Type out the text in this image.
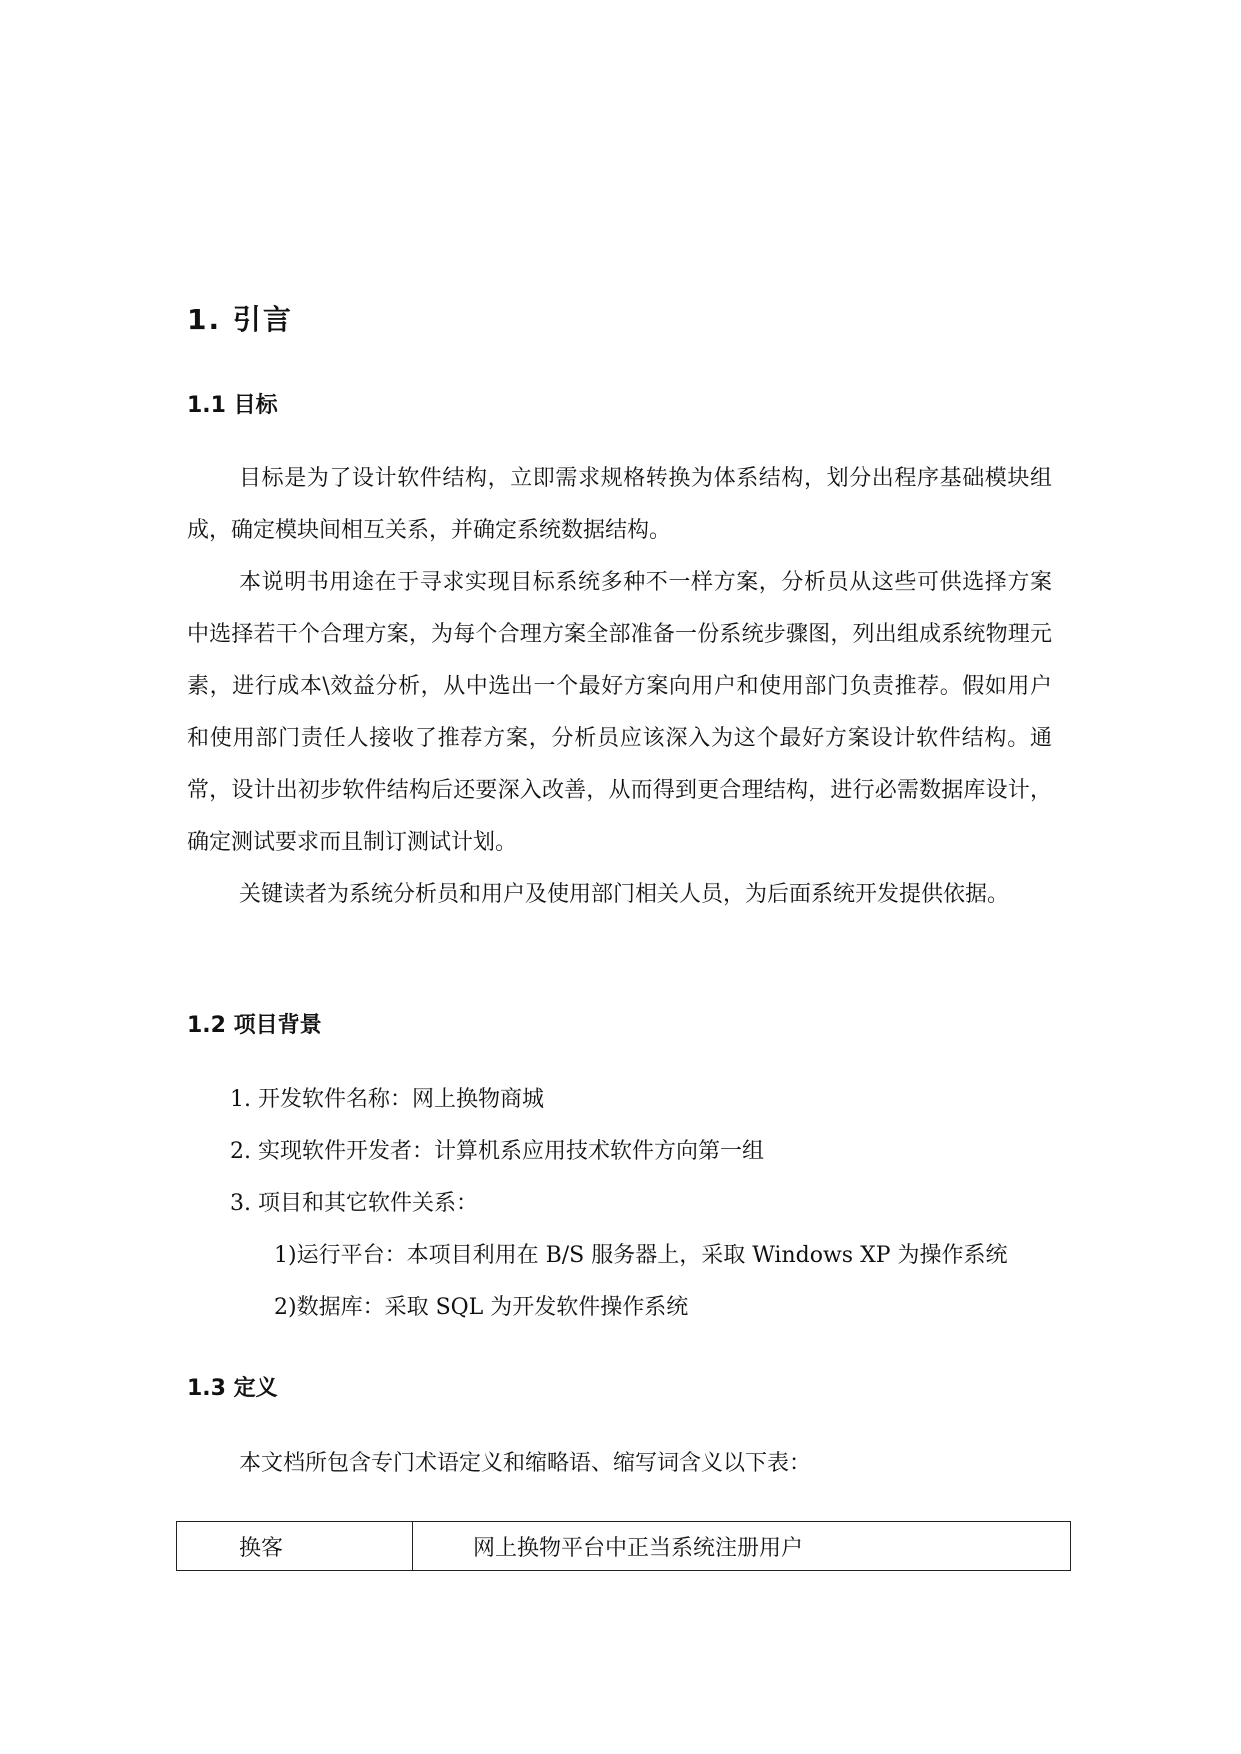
1. 引言
1.1 目标

目标是为了设计软件结构，立即需求规格转换为体系结构，划分出程序基础模块组成，确定模块间相互关系，并确定系统数据结构。

本说明书用途在于寻求实现目标系统多种不一样方案，分析员从这些可供选择方案中选择若干个合理方案，为每个合理方案全部准备一份系统步骤图，列出组成系统物理元素，进行成本\效益分析，从中选出一个最好方案向用户和使用部门负责推荐。假如用户和使用部门责任人接收了推荐方案，分析员应该深入为这个最好方案设计软件结构。通常，设计出初步软件结构后还要深入改善，从而得到更合理结构，进行必需数据库设计，确定测试要求而且制订测试计划。

关键读者为系统分析员和用户及使用部门相关人员，为后面系统开发提供依据。

1.2 项目背景

1. 开发软件名称：网上换物商城

2. 实现软件开发者：计算机系应用技术软件方向第一组

3. 项目和其它软件关系：

1)运行平台：本项目利用在 B/S 服务器上，采取 Windows XP 为操作系统

2)数据库：采取 SQL 为开发软件操作系统

1.3 定义

本文档所包含专门术语定义和缩略语、缩写词含义以下表：

换客	网上换物平台中正当系统注册用户
